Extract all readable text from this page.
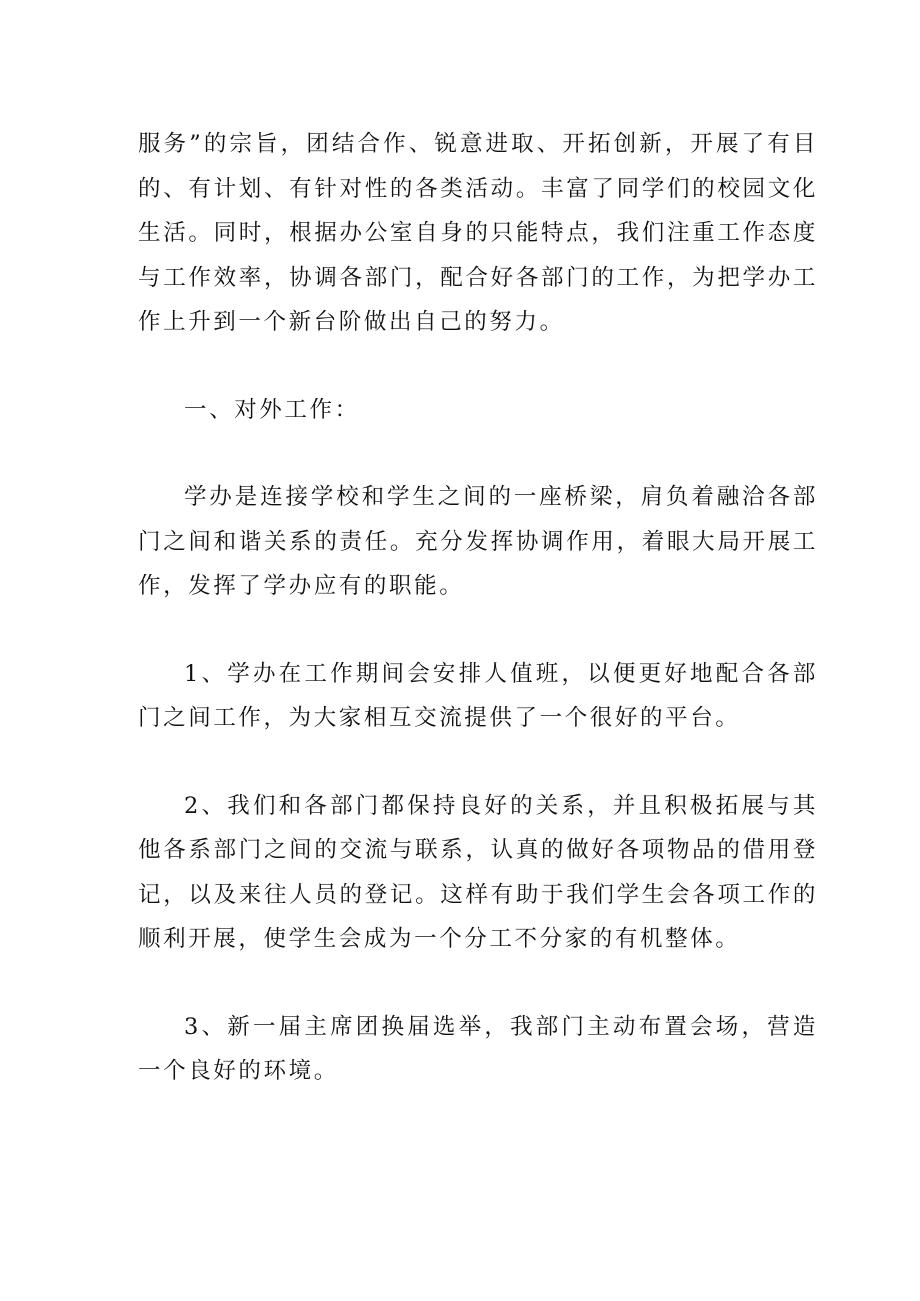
服务”的宗旨，团结合作、锐意进取、开拓创新，开展了有目的、有计划、有针对性的各类活动。丰富了同学们的校园文化生活。同时，根据办公室自身的只能特点，我们注重工作态度与工作效率，协调各部门，配合好各部门的工作，为把学办工作上升到一个新台阶做出自己的努力。

一、对外工作：

学办是连接学校和学生之间的一座桥梁，肩负着融洽各部门之间和谐关系的责任。充分发挥协调作用，着眼大局开展工作，发挥了学办应有的职能。

1、学办在工作期间会安排人值班，以便更好地配合各部门之间工作，为大家相互交流提供了一个很好的平台。

2、我们和各部门都保持良好的关系，并且积极拓展与其他各系部门之间的交流与联系，认真的做好各项物品的借用登记，以及来往人员的登记。这样有助于我们学生会各项工作的顺利开展，使学生会成为一个分工不分家的有机整体。

3、新一届主席团换届选举，我部门主动布置会场，营造一个良好的环境。
